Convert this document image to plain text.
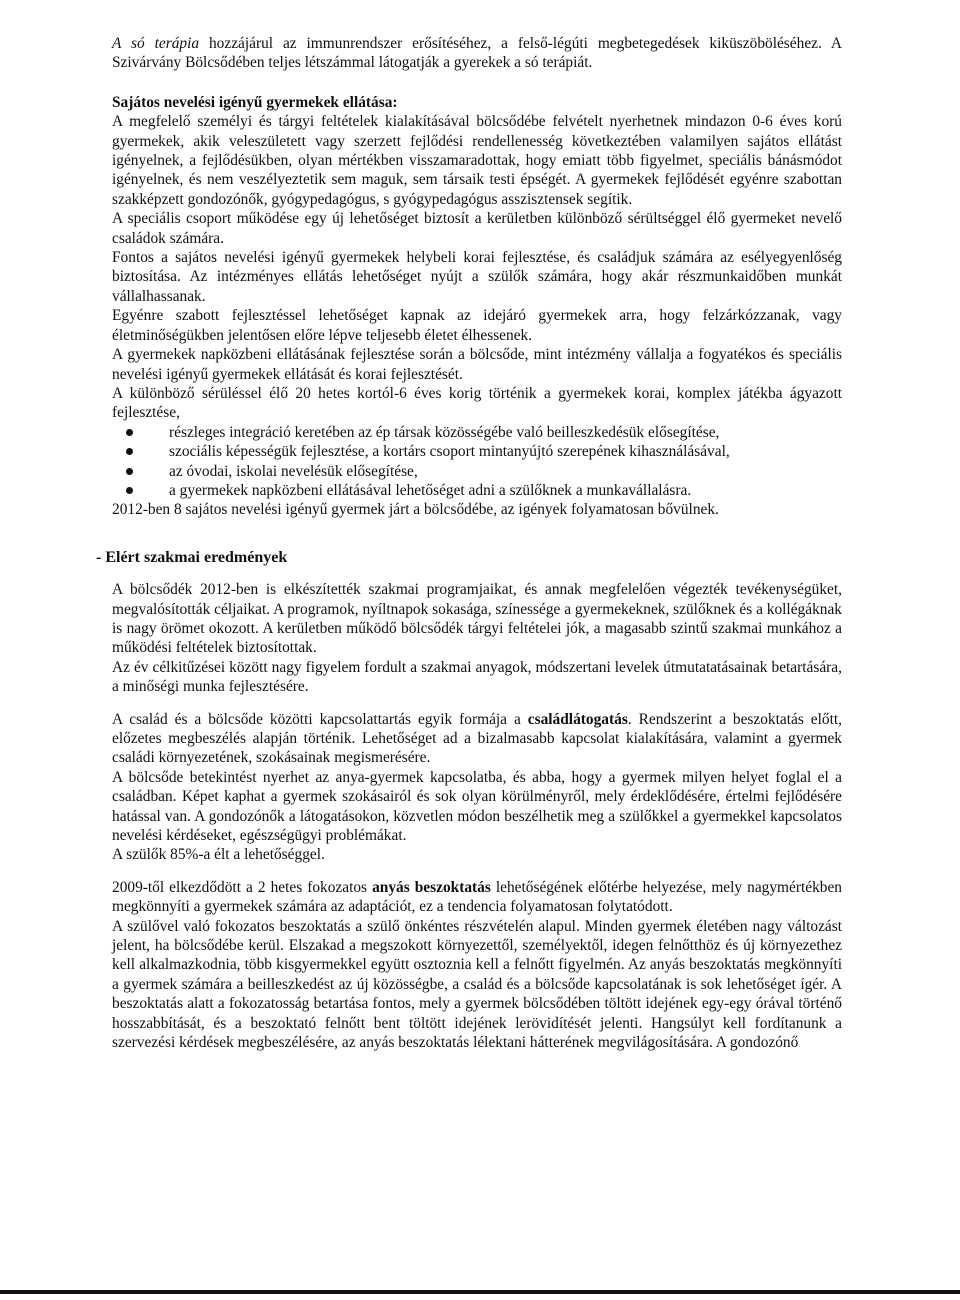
A só terápia hozzájárul az immunrendszer erősítéséhez, a felső-légúti megbetegedések kiküszöböléséhez. A Szivárvány Bölcsődében teljes létszámmal látogatják a gyerekek a só terápiát.

Sajátos nevelési igényű gyermekek ellátása:

A megfelelő személyi és tárgyi feltételek kialakításával bölcsődébe felvételt nyerhetnek mindazon 0-6 éves korú gyermekek, akik veleszületett vagy szerzett fejlődési rendellenesség következtében valamilyen sajátos ellátást igényelnek, a fejlődésükben, olyan mértékben visszamaradottak, hogy emiatt több figyelmet, speciális bánásmódot igényelnek, és nem veszélyeztetik sem maguk, sem társaik testi épségét. A gyermekek fejlődését egyénre szabottan szakképzett gondozónők, gyógypedagógus, s gyógypedagógus asszisztensek segítik.

A speciális csoport működése egy új lehetőséget biztosít a kerületben különböző sérültséggel élő gyermeket nevelő családok számára.

Fontos a sajátos nevelési igényű gyermekek helybeli korai fejlesztése, és családjuk számára az esélyegyenlőség biztosítása. Az intézményes ellátás lehetőséget nyújt a szülők számára, hogy akár részmunkaidőben munkát vállalhassanak.

Egyénre szabott fejlesztéssel lehetőséget kapnak az idejáró gyermekek arra, hogy felzárkózzanak, vagy életminőségükben jelentősen előre lépve teljesebb életet élhessenek.

A gyermekek napközbeni ellátásának fejlesztése során a bölcsőde, mint intézmény vállalja a fogyatékos és speciális nevelési igényű gyermekek ellátását és korai fejlesztését.

A különböző sérüléssel élő 20 hetes kortól-6 éves korig történik a gyermekek korai, komplex játékba ágyazott fejlesztése,

részleges integráció keretében az ép társak közösségébe való beilleszkedésük elősegítése,
szociális képességük fejlesztése, a kortárs csoport mintanyújtó szerepének kihasználásával,
az óvodai, iskolai nevelésük elősegítése,
a gyermekek napközbeni ellátásával lehetőséget adni a szülőknek a munkavállalásra.

2012-ben 8 sajátos nevelési igényű gyermek járt a bölcsődébe, az igények folyamatosan bővülnek.

- Elért szakmai eredmények

A bölcsődék 2012-ben is elkészítették szakmai programjaikat, és annak megfelelően végezték tevékenységüket, megvalósították céljaikat. A programok, nyíltnapok sokasága, színessége a gyermekeknek, szülőknek és a kollégáknak is nagy örömet okozott. A kerületben működő bölcsődék tárgyi feltételei jók, a magasabb szintű szakmai munkához a működési feltételek biztosítottak.

Az év célkitűzései között nagy figyelem fordult a szakmai anyagok, módszertani levelek útmutatatásainak betartására, a minőségi munka fejlesztésére.

A család és a bölcsőde közötti kapcsolattartás egyik formája a családlátogatás. Rendszerint a beszoktatás előtt, előzetes megbeszélés alapján történik. Lehetőséget ad a bizalmasabb kapcsolat kialakítására, valamint a gyermek családi környezetének, szokásainak megismerésére.

A bölcsőde betekintést nyerhet az anya-gyermek kapcsolatba, és abba, hogy a gyermek milyen helyet foglal el a családban. Képet kaphat a gyermek szokásairól és sok olyan körülményről, mely érdeklődésére, értelmi fejlődésére hatással van. A gondozónők a látogatásokon, közvetlen módon beszélhetik meg a szülőkkel a gyermekkel kapcsolatos nevelési kérdéseket, egészségügyi problémákat.

A szülők 85%-a élt a lehetőséggel.

2009-től elkezdődött a 2 hetes fokozatos anyás beszoktatás lehetőségének előtérbe helyezése, mely nagymértékben megkönnyíti a gyermekek számára az adaptációt, ez a tendencia folyamatosan folytatódott.

A szülővel való fokozatos beszoktatás a szülő önkéntes részvételén alapul. Minden gyermek életében nagy változást jelent, ha bölcsődébe kerül. Elszakad a megszokott környezettől, személyektől, idegen felnőtthöz és új környezethez kell alkalmazkodnia, több kisgyermekkel együtt osztoznia kell a felnőtt figyelmén. Az anyás beszoktatás megkönnyíti a gyermek számára a beilleszkedést az új közösségbe, a család és a bölcsőde kapcsolatának is sok lehetőséget ígér. A beszoktatás alatt a fokozatosság betartása fontos, mely a gyermek bölcsődében töltött idejének egy-egy órával történő hosszabbítását, és a beszoktató felnőtt bent töltött idejének lerövidítését jelenti. Hangsúlyt kell fordítanunk a szervezési kérdések megbeszélésére, az anyás beszoktatás lélektani hátterének megvilágosítására. A gondozónő
